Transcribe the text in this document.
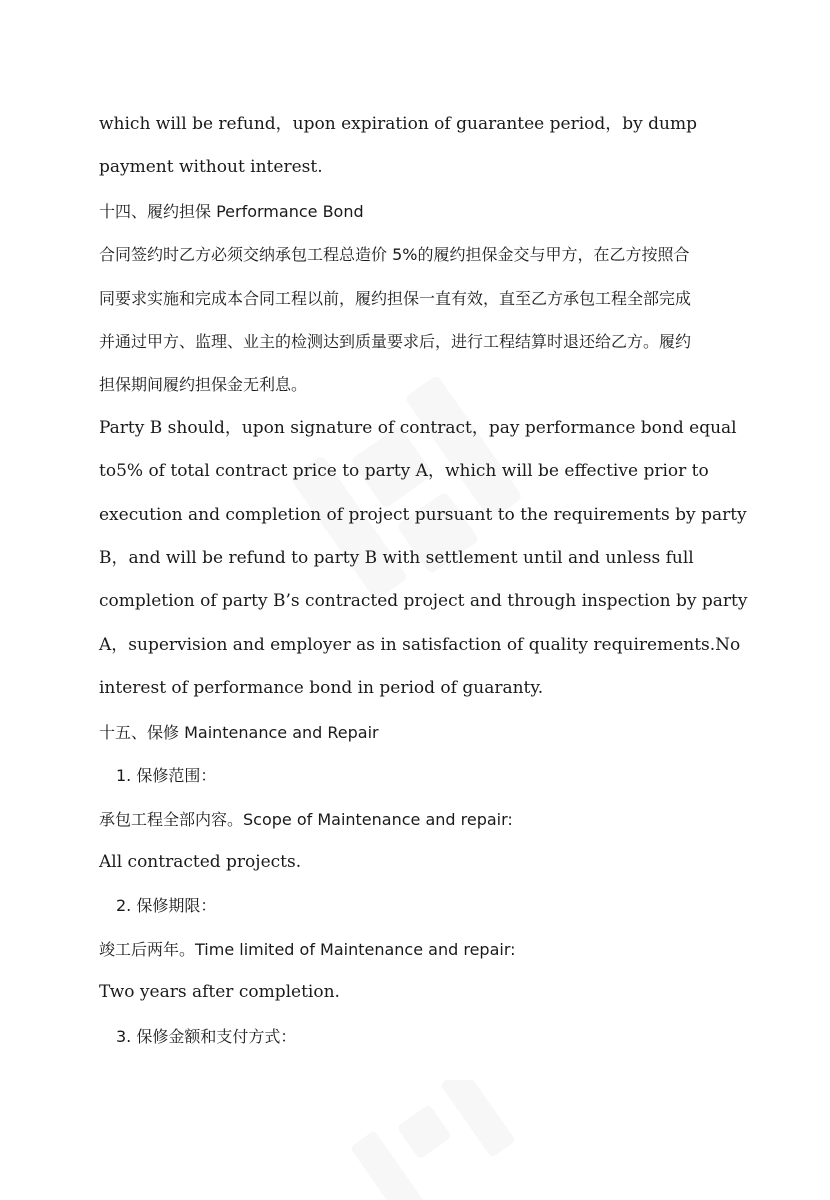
which will be refund，upon expiration of guarantee period，by dump
payment without interest.
十四、履约担保 Performance Bond
合同签约时乙方必须交纳承包工程总造价 5%的履约担保金交与甲方，在乙方按照合
同要求实施和完成本合同工程以前，履约担保一直有效，直至乙方承包工程全部完成
并通过甲方、监理、业主的检测达到质量要求后，进行工程结算时退还给乙方。履约
担保期间履约担保金无利息。
Party B should，upon signature of contract，pay performance bond equal
to5% of total contract price to party A，which will be effective prior to
execution and completion of project pursuant to the requirements by party
B，and will be refund to party B with settlement until and unless full
completion of party B’s contracted project and through inspection by party
A，supervision and employer as in satisfaction of quality requirements.No
interest of performance bond in period of guaranty.
十五、保修 Maintenance and Repair
1. 保修范围：
承包工程全部内容。Scope of Maintenance and repair:
All contracted projects.
2. 保修期限：
竣工后两年。Time limited of Maintenance and repair:
Two years after completion.
3. 保修金额和支付方式：
